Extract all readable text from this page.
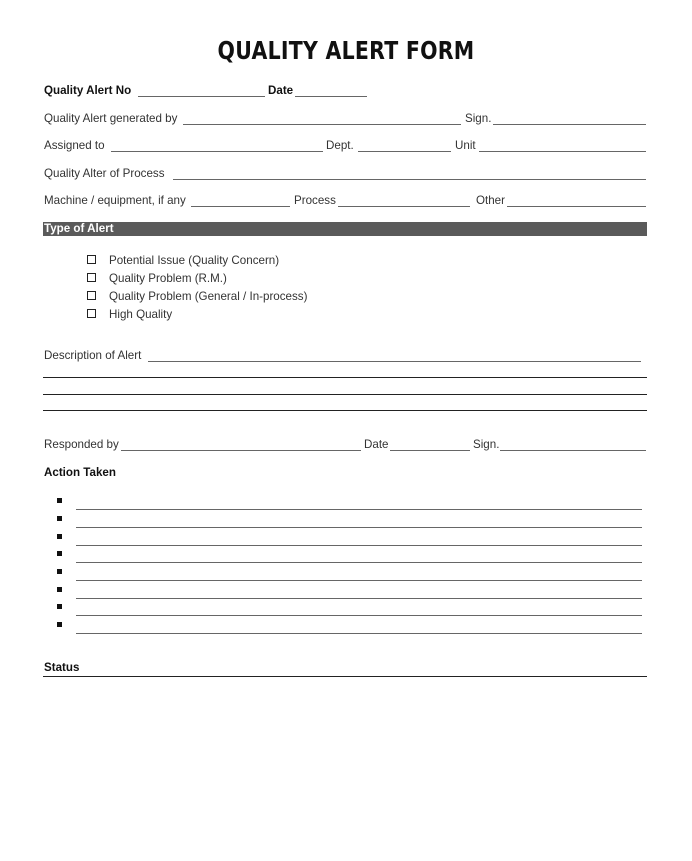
QUALITY ALERT FORM
Quality Alert No	Date
Quality Alert generated by	Sign.
Assigned to	Dept.	Unit
Quality Alter of Process
Machine / equipment, if any	Process	Other
Type of Alert
Potential Issue (Quality Concern)
Quality Problem (R.M.)
Quality Problem (General / In-process)
High Quality
Description of Alert
Responded by	Date	Sign.
Action Taken
Status
